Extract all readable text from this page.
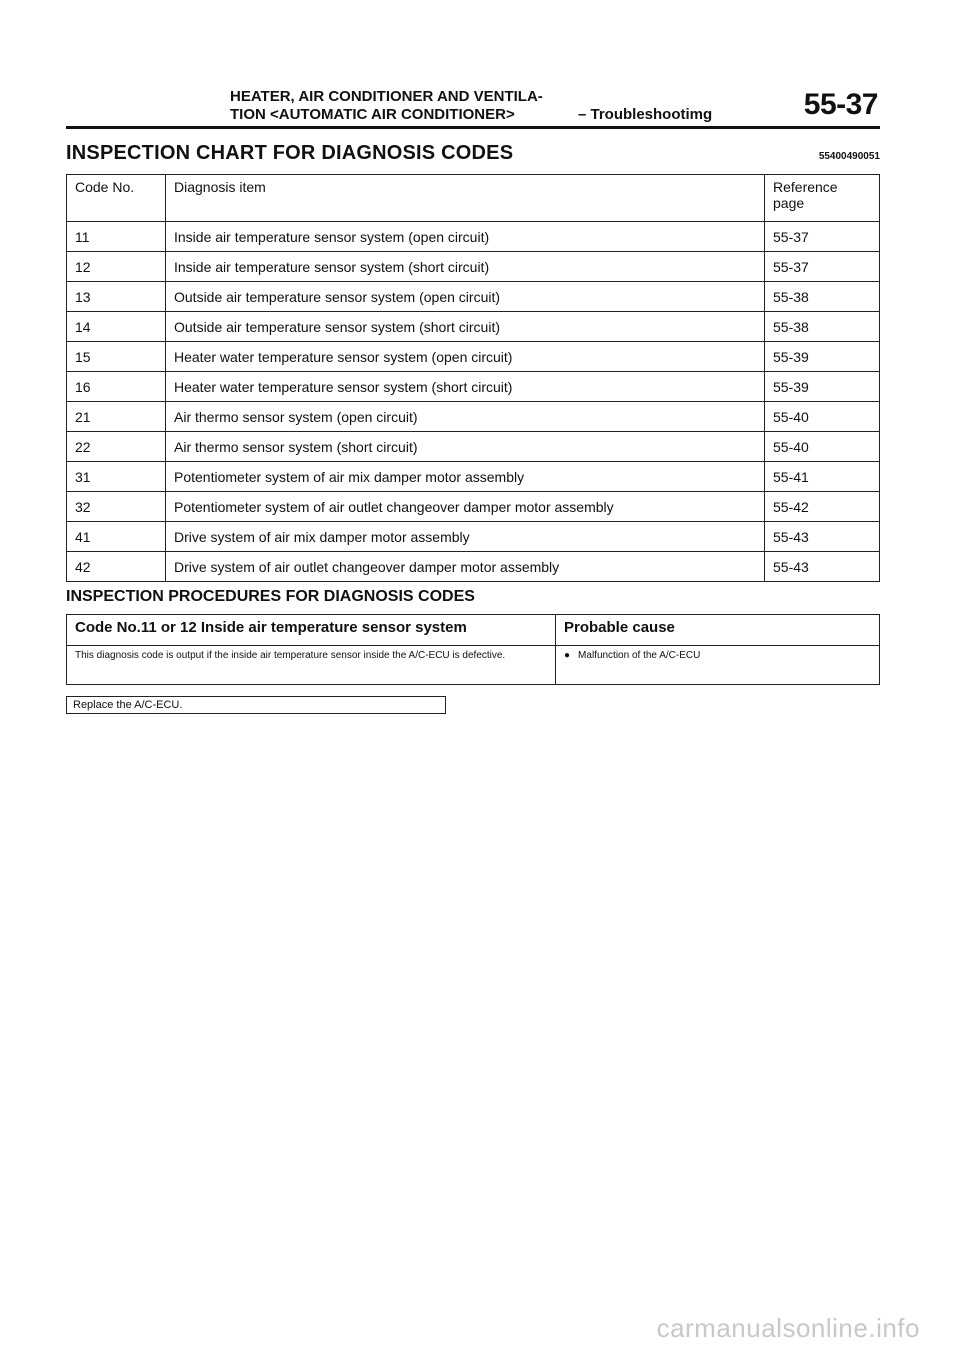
HEATER, AIR CONDITIONER AND VENTILA-
TION <AUTOMATIC AIR CONDITIONER>	– Troubleshootimg	55-37
INSPECTION CHART FOR DIAGNOSIS CODES	55400490051
Code No.	Diagnosis item	Reference page
11	Inside air temperature sensor system (open circuit)	55-37
12	Inside air temperature sensor system (short circuit)	55-37
13	Outside air temperature sensor system (open circuit)	55-38
14	Outside air temperature sensor system (short circuit)	55-38
15	Heater water temperature sensor system (open circuit)	55-39
16	Heater water temperature sensor system (short circuit)	55-39
21	Air thermo sensor system (open circuit)	55-40
22	Air thermo sensor system (short circuit)	55-40
31	Potentiometer system of air mix damper motor assembly	55-41
32	Potentiometer system of air outlet changeover damper motor assembly	55-42
41	Drive system of air mix damper motor assembly	55-43
42	Drive system of air outlet changeover damper motor assembly	55-43
INSPECTION PROCEDURES FOR DIAGNOSIS CODES
Code No.11 or 12 Inside air temperature sensor system	Probable cause
This diagnosis code is output if the inside air temperature sensor inside the A/C-ECU is defective.	● Malfunction of the A/C-ECU
Replace the A/C-ECU.
carmanualsonline.info
